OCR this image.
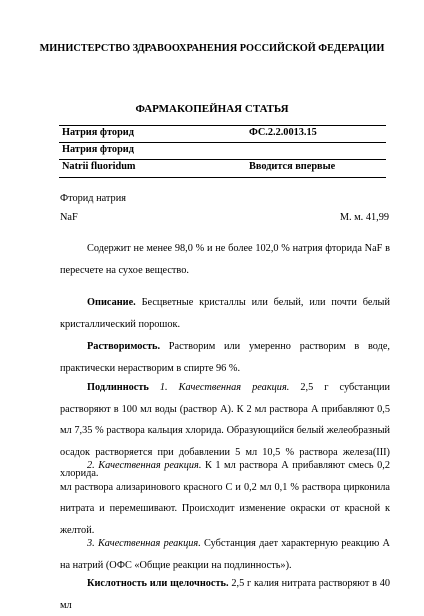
МИНИСТЕРСТВО ЗДРАВООХРАНЕНИЯ РОССИЙСКОЙ ФЕДЕРАЦИИ
ФАРМАКОПЕЙНАЯ СТАТЬЯ
Натрия фторид	ФС.2.2.0013.15
Натрия фторид
Natrii fluoridum	Вводится впервые
Фторид натрия
NaF	М. м. 41,99

Содержит не менее 98,0 % и не более 102,0 % натрия фторида NaF в пересчете на сухое вещество.

Описание. Бесцветные кристаллы или белый, или почти белый кристаллический порошок.

Растворимость. Растворим или умеренно растворим в воде, практически нерастворим в спирте 96 %.

Подлинность 1. Качественная реакция. 2,5 г субстанции растворяют в 100 мл воды (раствор А). К 2 мл раствора А прибавляют 0,5 мл 7,35 % раствора кальция хлорида. Образующийся белый желеобразный осадок растворяется при добавлении 5 мл 10,5 % раствора железа(III) хлорида.

2. Качественная реакция. К 1 мл раствора А прибавляют смесь 0,2 мл раствора ализаринового красного С и 0,2 мл 0,1 % раствора цирконила нитрата и перемешивают. Происходит изменение окраски от красной к желтой.

3. Качественная реакция. Субстанция дает характерную реакцию А на натрий (ОФС «Общие реакции на подлинность»).

Кислотность или щелочность. 2,5 г калия нитрата растворяют в 40 мл
